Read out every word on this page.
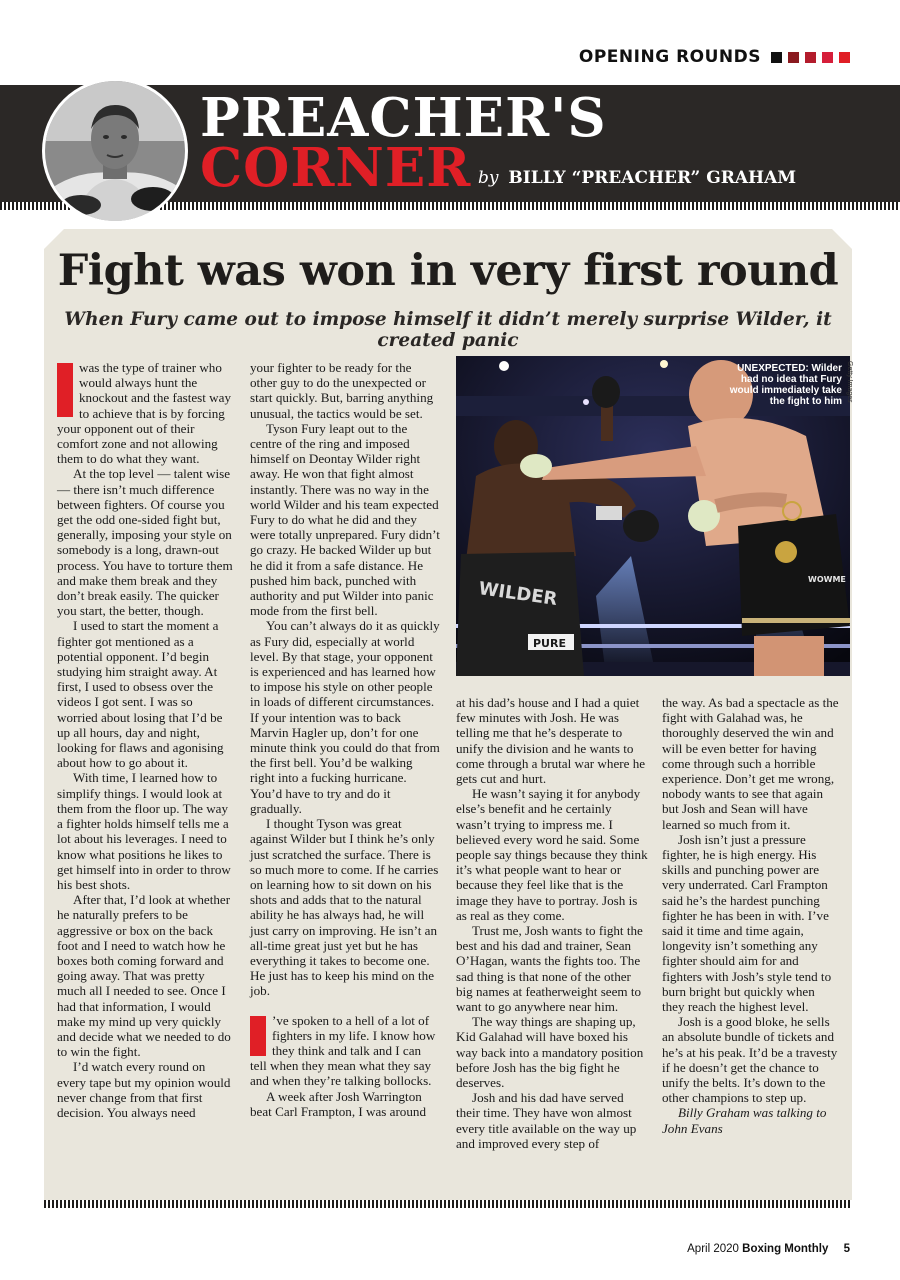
OPENING ROUNDS
PREACHER'S
CORNER by BILLY “PREACHER” GRAHAM
Fight was won in very first round
When Fury came out to impose himself it didn’t merely surprise Wilder, it created panic

was the type of trainer who would always hunt the knockout and the fastest way to achieve that is by forcing your opponent out of their comfort zone and not allowing them to do what they want.

At the top level — talent wise — there isn’t much difference between fighters. Of course you get the odd one-sided fight but, generally, imposing your style on somebody is a long, drawn-out process. You have to torture them and make them break and they don’t break easily. The quicker you start, the better, though.

I used to start the moment a fighter got mentioned as a potential opponent. I’d begin studying him straight away. At first, I used to obsess over the videos I got sent. I was so worried about losing that I’d be up all hours, day and night, looking for flaws and agonising about how to go about it.

With time, I learned how to simplify things. I would look at them from the floor up. The way a fighter holds himself tells me a lot about his leverages. I need to know what positions he likes to get himself into in order to throw his best shots.

After that, I’d look at whether he naturally prefers to be aggressive or box on the back foot and I need to watch how he boxes both coming forward and going away. That was pretty much all I needed to see. Once I had that information, I would make my mind up very quickly and decide what we needed to do to win the fight.

I’d watch every round on every tape but my opinion would never change from that first decision. You always need

your fighter to be ready for the other guy to do the unexpected or start quickly. But, barring anything unusual, the tactics would be set.

Tyson Fury leapt out to the centre of the ring and imposed himself on Deontay Wilder right away. He won that fight almost instantly. There was no way in the world Wilder and his team expected Fury to do what he did and they were totally unprepared. Fury didn’t go crazy. He backed Wilder up but he did it from a safe distance. He pushed him back, punched with authority and put Wilder into panic mode from the first bell.

You can’t always do it as quickly as Fury did, especially at world level. By that stage, your opponent is experienced and has learned how to impose his style on other people in loads of different circumstances. If your intention was to back Marvin Hagler up, don’t for one minute think you could do that from the first bell. You’d be walking right into a fucking hurricane. You’d have to try and do it gradually.

I thought Tyson was great against Wilder but I think he’s only just scratched the surface. There is so much more to come. If he carries on learning how to sit down on his shots and adds that to the natural ability he has always had, he will just carry on improving. He isn’t an all-time great just yet but he has everything it takes to become one. He just has to keep his mind on the job.

’ve spoken to a hell of a lot of fighters in my life. I know how they think and talk and I can tell when they mean what they say and when they’re talking bollocks.

A week after Josh Warrington beat Carl Frampton, I was around

WILDER
PURE
WOWME
UNEXPECTED: Wilder had no idea that Fury would immediately take the fight to him Getty Images

at his dad’s house and I had a quiet few minutes with Josh. He was telling me that he’s desperate to unify the division and he wants to come through a brutal war where he gets cut and hurt.

He wasn’t saying it for anybody else’s benefit and he certainly wasn’t trying to impress me. I believed every word he said. Some people say things because they think it’s what people want to hear or because they feel like that is the image they have to portray. Josh is as real as they come.

Trust me, Josh wants to fight the best and his dad and trainer, Sean O’Hagan, wants the fights too. The sad thing is that none of the other big names at featherweight seem to want to go anywhere near him.

The way things are shaping up, Kid Galahad will have boxed his way back into a mandatory position before Josh has the big fight he deserves.

Josh and his dad have served their time. They have won almost every title available on the way up and improved every step of

the way. As bad a spectacle as the fight with Galahad was, he thoroughly deserved the win and will be even better for having come through such a horrible experience. Don’t get me wrong, nobody wants to see that again but Josh and Sean will have learned so much from it.

Josh isn’t just a pressure fighter, he is high energy. His skills and punching power are very underrated. Carl Frampton said he’s the hardest punching fighter he has been in with. I’ve said it time and time again, longevity isn’t something any fighter should aim for and fighters with Josh’s style tend to burn bright but quickly when they reach the highest level.

Josh is a good bloke, he sells an absolute bundle of tickets and he’s at his peak. It’d be a travesty if he doesn’t get the chance to unify the belts. It’s down to the other champions to step up.

Billy Graham was talking to John Evans

April 2020 Boxing Monthly 5
